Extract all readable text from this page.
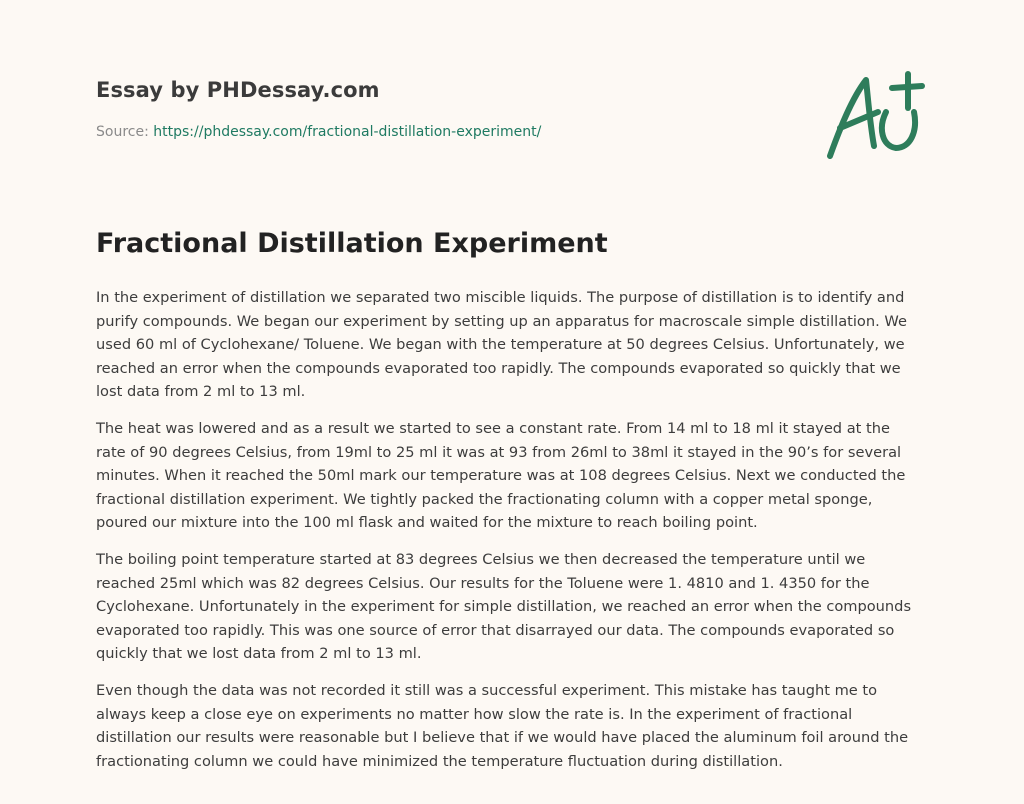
Essay by PHDessay.com
Source: https://phdessay.com/fractional-distillation-experiment/
Fractional Distillation Experiment

In the experiment of distillation we separated two miscible liquids. The purpose of distillation is to identify and purify compounds. We began our experiment by setting up an apparatus for macroscale simple distillation. We used 60 ml of Cyclohexane/ Toluene. We began with the temperature at 50 degrees Celsius. Unfortunately, we reached an error when the compounds evaporated too rapidly. The compounds evaporated so quickly that we lost data from 2 ml to 13 ml.

The heat was lowered and as a result we started to see a constant rate. From 14 ml to 18 ml it stayed at the rate of 90 degrees Celsius, from 19ml to 25 ml it was at 93 from 26ml to 38ml it stayed in the 90’s for several minutes. When it reached the 50ml mark our temperature was at 108 degrees Celsius. Next we conducted the fractional distillation experiment. We tightly packed the fractionating column with a copper metal sponge, poured our mixture into the 100 ml flask and waited for the mixture to reach boiling point.

The boiling point temperature started at 83 degrees Celsius we then decreased the temperature until we reached 25ml which was 82 degrees Celsius. Our results for the Toluene were 1. 4810 and 1. 4350 for the Cyclohexane. Unfortunately in the experiment for simple distillation, we reached an error when the compounds evaporated too rapidly. This was one source of error that disarrayed our data. The compounds evaporated so quickly that we lost data from 2 ml to 13 ml.

Even though the data was not recorded it still was a successful experiment. This mistake has taught me to always keep a close eye on experiments no matter how slow the rate is. In the experiment of fractional distillation our results were reasonable but I believe that if we would have placed the aluminum foil around the fractionating column we could have minimized the temperature fluctuation during distillation.
